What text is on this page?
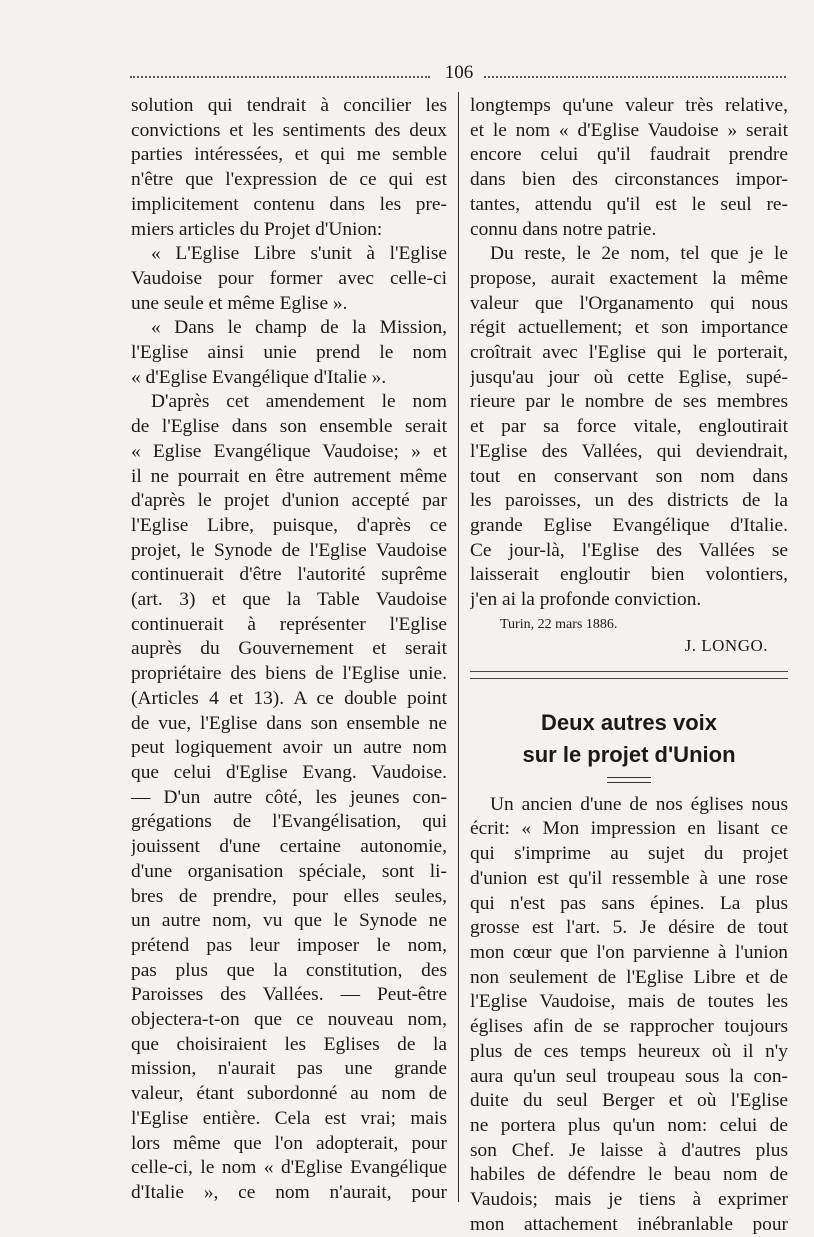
106
solution qui tendrait à concilier les
convictions et les sentiments des deux
parties intéressées, et qui me semble
n'être que l'expression de ce qui est
implicitement contenu dans les pre-
miers articles du Projet d'Union:
« L'Eglise Libre s'unit à l'Eglise
Vaudoise pour former avec celle-ci
une seule et même Eglise ».
« Dans le champ de la Mission,
l'Eglise ainsi unie prend le nom
« d'Eglise Evangélique d'Italie ».
D'après cet amendement le nom
de l'Eglise dans son ensemble serait
« Eglise Evangélique Vaudoise; » et
il ne pourrait en être autrement même
d'après le projet d'union accepté par
l'Eglise Libre, puisque, d'après ce
projet, le Synode de l'Eglise Vaudoise
continuerait d'être l'autorité suprême
(art. 3) et que la Table Vaudoise
continuerait à représenter l'Eglise
auprès du Gouvernement et serait
propriétaire des biens de l'Eglise unie.
(Articles 4 et 13). A ce double point
de vue, l'Eglise dans son ensemble ne
peut logiquement avoir un autre nom
que celui d'Eglise Evang. Vaudoise.
— D'un autre côté, les jeunes con-
grégations de l'Evangélisation, qui
jouissent d'une certaine autonomie,
d'une organisation spéciale, sont li-
bres de prendre, pour elles seules,
un autre nom, vu que le Synode ne
prétend pas leur imposer le nom,
pas plus que la constitution, des
Paroisses des Vallées. — Peut-être
objectera-t-on que ce nouveau nom,
que choisiraient les Eglises de la
mission, n'aurait pas une grande
valeur, étant subordonné au nom de
l'Eglise entière. Cela est vrai; mais
lors même que l'on adopterait, pour
celle-ci, le nom « d'Eglise Evangélique
d'Italie », ce nom n'aurait, pour
longtemps qu'une valeur très relative,
et le nom « d'Eglise Vaudoise » serait
encore celui qu'il faudrait prendre
dans bien des circonstances impor-
tantes, attendu qu'il est le seul re-
connu dans notre patrie.
Du reste, le 2e nom, tel que je le
propose, aurait exactement la même
valeur que l'Organamento qui nous
régit actuellement; et son importance
croîtrait avec l'Eglise qui le porterait,
jusqu'au jour où cette Eglise, supé-
rieure par le nombre de ses membres
et par sa force vitale, engloutirait
l'Eglise des Vallées, qui deviendrait,
tout en conservant son nom dans
les paroisses, un des districts de la
grande Eglise Evangélique d'Italie.
Ce jour-là, l'Eglise des Vallées se
laisserait engloutir bien volontiers,
j'en ai la profonde conviction.
Turin, 22 mars 1886.
J. LONGO.
Deux autres voix
sur le projet d'Union
Un ancien d'une de nos églises nous
écrit: « Mon impression en lisant ce
qui s'imprime au sujet du projet
d'union est qu'il ressemble à une rose
qui n'est pas sans épines. La plus
grosse est l'art. 5. Je désire de tout
mon cœur que l'on parvienne à l'union
non seulement de l'Eglise Libre et de
l'Eglise Vaudoise, mais de toutes les
églises afin de se rapprocher toujours
plus de ces temps heureux où il n'y
aura qu'un seul troupeau sous la con-
duite du seul Berger et où l'Eglise
ne portera plus qu'un nom: celui de
son Chef. Je laisse à d'autres plus
habiles de défendre le beau nom de
Vaudois; mais je tiens à exprimer
mon attachement inébranlable pour
